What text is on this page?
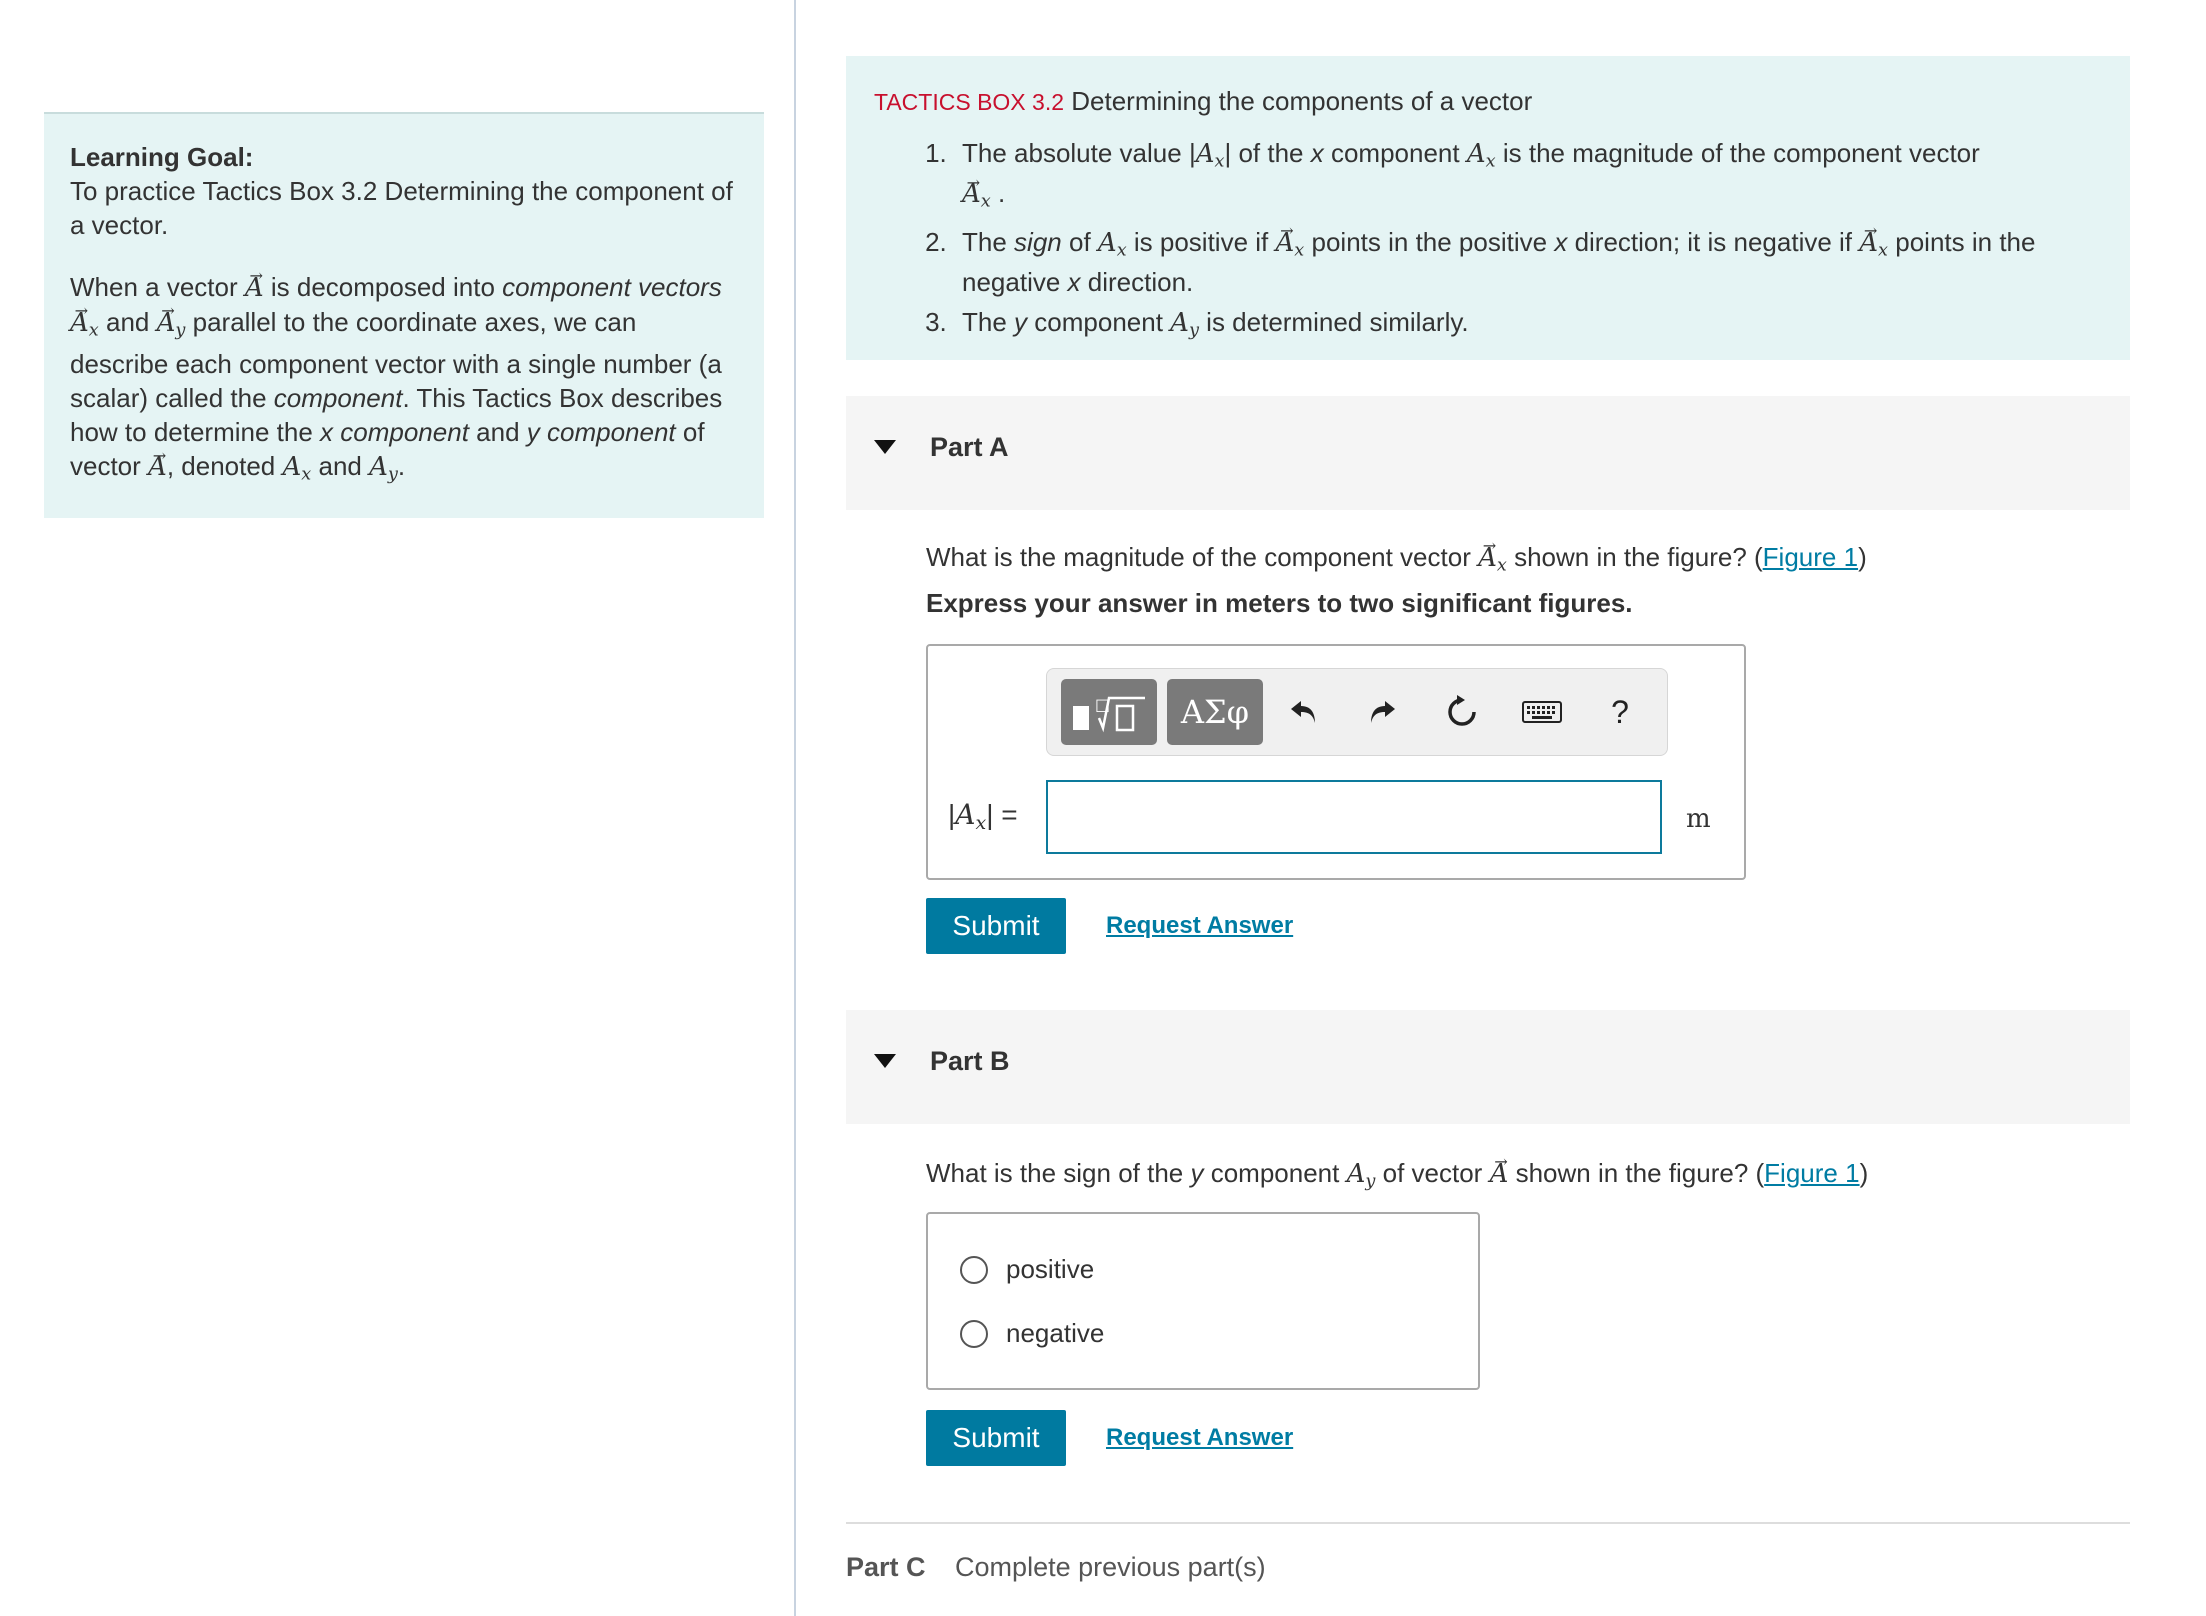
Learning Goal:

To practice Tactics Box 3.2 Determining the component of a vector.

When a vector → A is decomposed into component vectors
→ $A_x$ and → $A_y$ parallel to the coordinate axes, we can describe each component vector with a single number (a scalar) called the component. This Tactics Box describes how to determine the x component and y component of vector → A, denoted $A_x$ and $A_y$.

TACTICS BOX 3.2 Determining the components of a vector
1. The absolute value $|A_x|$ of the x component $A_x$ is the magnitude of the component vector
→ $A_x$ .
2. The sign of $A_x$ is positive if → $A_x$ points in the positive x direction; it is negative if → $A_x$ points in the negative x direction.
3. The y component $A_y$ is determined similarly.
Part A
What is the magnitude of the component vector → $A_x$ shown in the figure? (Figure 1)
Express your answer in meters to two significant figures.
□	ΑΣφ	?
$|A_x|$ =	m
Submit	Request Answer
Part B
What is the sign of the y component $A_y$ of vector → A shown in the figure? (Figure 1)
positive
negative
Submit	Request Answer
Part C Complete previous part(s)
